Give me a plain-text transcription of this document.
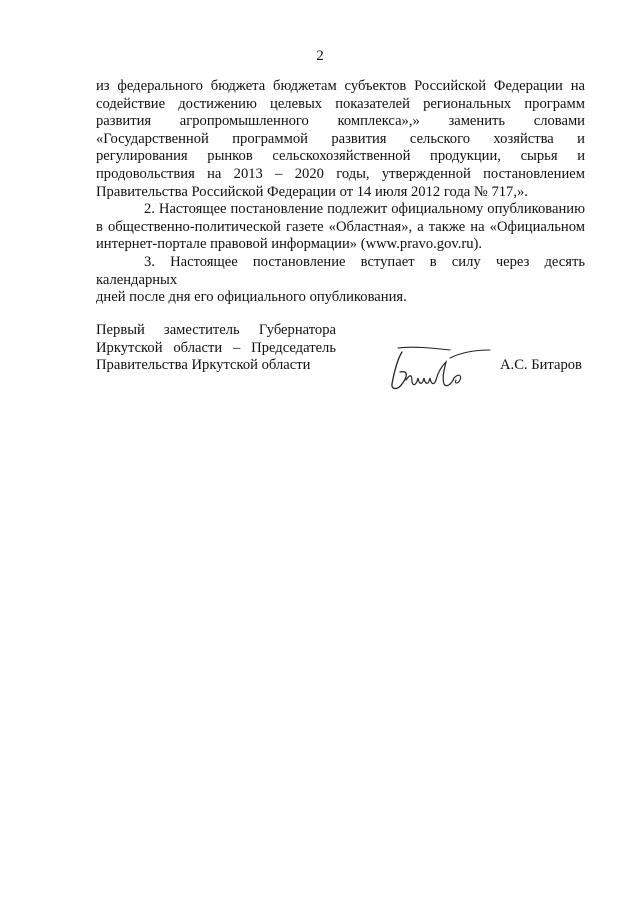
2
из федерального бюджета бюджетам субъектов Российской Федерации на
содействие достижению целевых показателей региональных программ
развития агропромышленного комплекса»,» заменить словами
«Государственной программой развития сельского хозяйства и
регулирования рынков сельскохозяйственной продукции, сырья и
продовольствия на 2013 – 2020 годы, утвержденной постановлением
Правительства Российской Федерации от 14 июля 2012 года № 717,».
2. Настоящее постановление подлежит официальному опубликованию
в общественно-политической газете «Областная», а также на «Официальном
интернет-портале правовой информации» (www.pravo.gov.ru).
3. Настоящее постановление вступает в силу через десять календарных
дней после дня его официального опубликования.
Первый заместитель Губернатора
Иркутской области – Председатель
Правительства Иркутской области	А.С. Битаров
